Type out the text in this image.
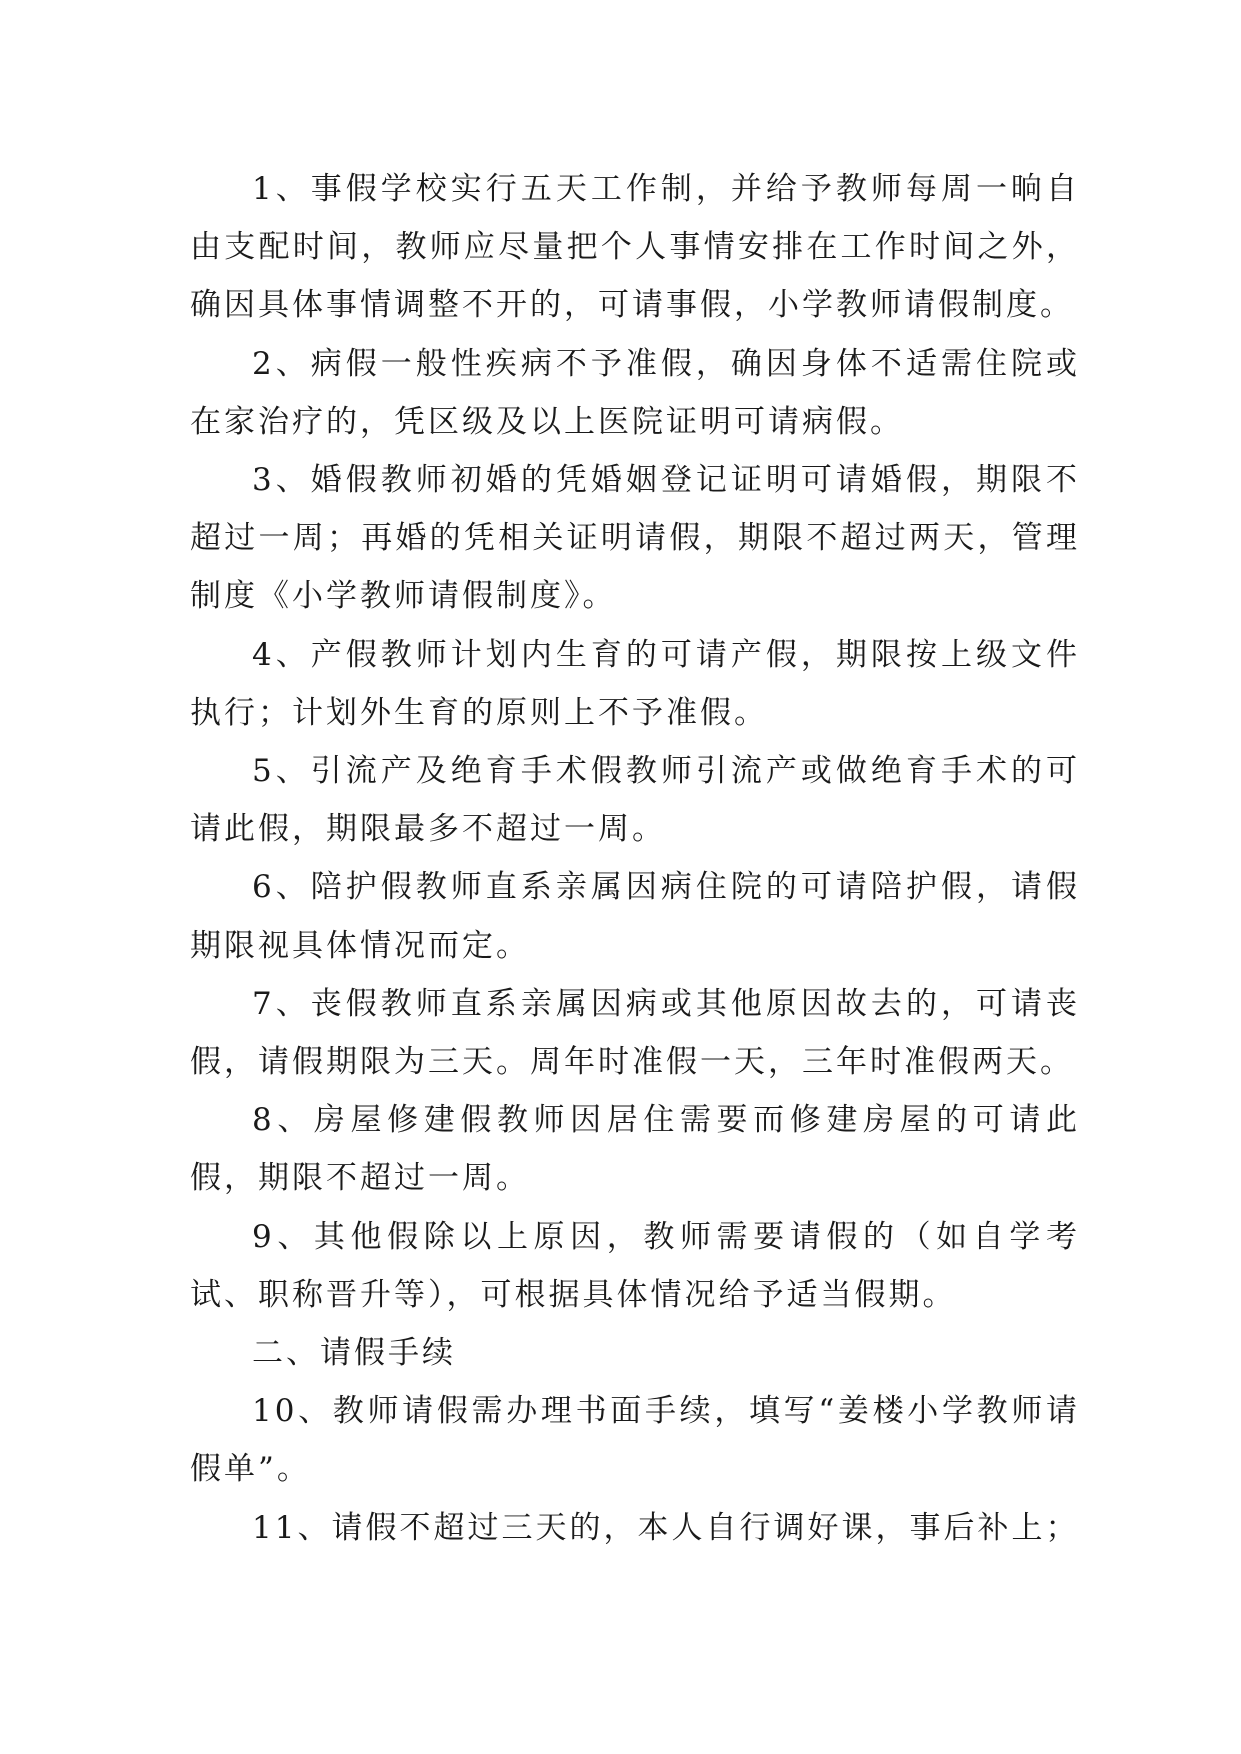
1、事假学校实行五天工作制，并给予教师每周一晌自由支配时间，教师应尽量把个人事情安排在工作时间之外，确因具体事情调整不开的，可请事假，小学教师请假制度。

2、病假一般性疾病不予准假，确因身体不适需住院或在家治疗的，凭区级及以上医院证明可请病假。

3、婚假教师初婚的凭婚姻登记证明可请婚假，期限不超过一周；再婚的凭相关证明请假，期限不超过两天，管理制度《小学教师请假制度》。

4、产假教师计划内生育的可请产假，期限按上级文件执行；计划外生育的原则上不予准假。

5、引流产及绝育手术假教师引流产或做绝育手术的可请此假，期限最多不超过一周。

6、陪护假教师直系亲属因病住院的可请陪护假，请假期限视具体情况而定。

7、丧假教师直系亲属因病或其他原因故去的，可请丧假，请假期限为三天。周年时准假一天，三年时准假两天。

8、房屋修建假教师因居住需要而修建房屋的可请此假，期限不超过一周。

9、其他假除以上原因，教师需要请假的（如自学考试、职称晋升等），可根据具体情况给予适当假期。

二、请假手续

10、教师请假需办理书面手续，填写“姜楼小学教师请假单”。

11、请假不超过三天的，本人自行调好课，事后补上；
